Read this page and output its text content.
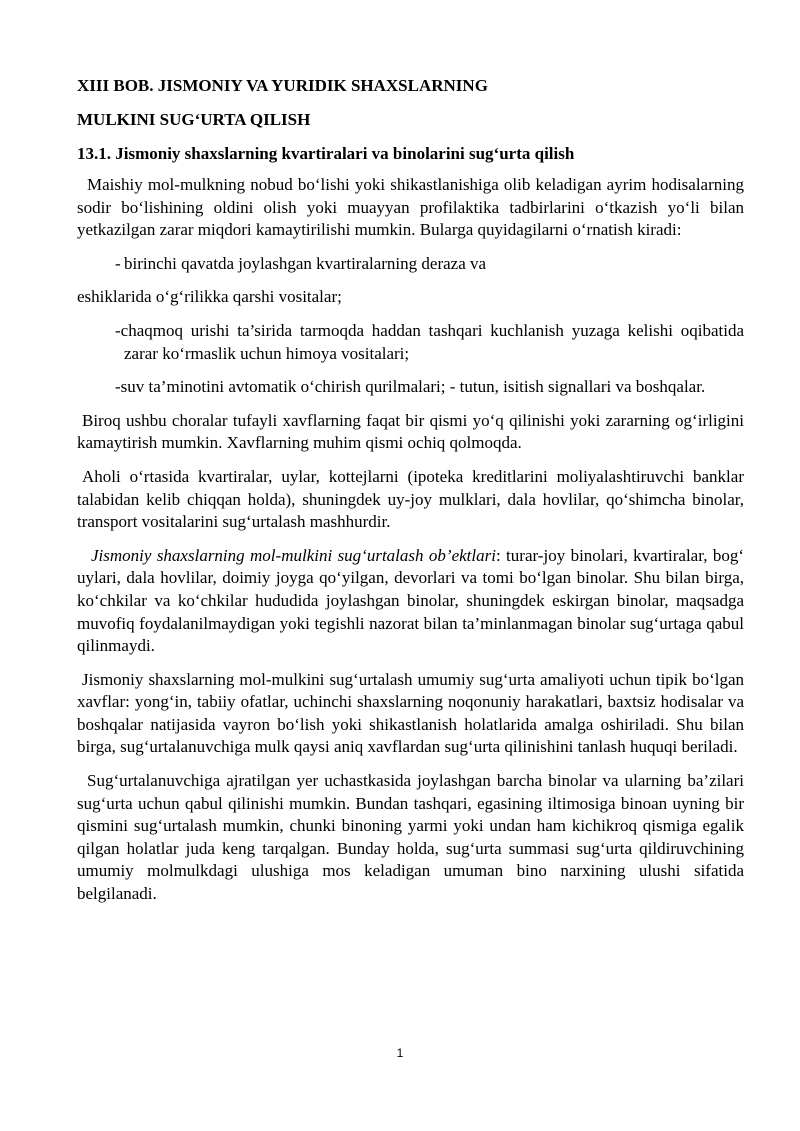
XIII BOB. JISMONIY VA YURIDIK SHAXSLARNING
MULKINI SUG‘URTA QILISH
13.1. Jismoniy shaxslarning kvartiralari va binolarini sug‘urta qilish

Maishiy mol-mulkning nobud bo‘lishi yoki shikastlanishiga olib keladigan ayrim hodisalarning sodir bo‘lishining oldini olish yoki muayyan profilaktika tadbirlarini o‘tkazish yo‘li bilan yetkazilgan zarar miqdori kamaytirilishi mumkin. Bularga quyidagilarni o‘rnatish kiradi:

- birinchi qavatda joylashgan kvartiralarning deraza va

eshiklarida o‘g‘rilikka qarshi vositalar;

-chaqmoq urishi ta’sirida tarmoqda haddan tashqari kuchlanish yuzaga kelishi oqibatida zarar ko‘rmaslik uchun himoya vositalari;

-suv ta’minotini avtomatik o‘chirish qurilmalari; - tutun, isitish signallari va boshqalar.

Biroq ushbu choralar tufayli xavflarning faqat bir qismi yo‘q qilinishi yoki zararning og‘irligini kamaytirish mumkin. Xavflarning muhim qismi ochiq qolmoqda.

Aholi o‘rtasida kvartiralar, uylar, kottejlarni (ipoteka kreditlarini moliyalashtiruvchi banklar talabidan kelib chiqqan holda), shuningdek uy-joy mulklari, dala hovlilar, qo‘shimcha binolar, transport vositalarini sug‘urtalash mashhurdir.

Jismoniy shaxslarning mol-mulkini sug‘urtalash ob’ektlari: turar-joy binolari, kvartiralar, bog‘ uylari, dala hovlilar, doimiy joyga qo‘yilgan, devorlari va tomi bo‘lgan binolar. Shu bilan birga, ko‘chkilar va ko‘chkilar hududida joylashgan binolar, shuningdek eskirgan binolar, maqsadga muvofiq foydalanilmaydigan yoki tegishli nazorat bilan ta’minlanmagan binolar sug‘urtaga qabul qilinmaydi.

Jismoniy shaxslarning mol-mulkini sug‘urtalash umumiy sug‘urta amaliyoti uchun tipik bo‘lgan xavflar: yong‘in, tabiiy ofatlar, uchinchi shaxslarning noqonuniy harakatlari, baxtsiz hodisalar va boshqalar natijasida vayron bo‘lish yoki shikastlanish holatlarida amalga oshiriladi. Shu bilan birga, sug‘urtalanuvchiga mulk qaysi aniq xavflardan sug‘urta qilinishini tanlash huquqi beriladi.

Sug‘urtalanuvchiga ajratilgan yer uchastkasida joylashgan barcha binolar va ularning ba’zilari sug‘urta uchun qabul qilinishi mumkin. Bundan tashqari, egasining iltimosiga binoan uyning bir qismini sug‘urtalash mumkin, chunki binoning yarmi yoki undan ham kichikroq qismiga egalik qilgan holatlar juda keng tarqalgan. Bunday holda, sug‘urta summasi sug‘urta qildiruvchining umumiy molmulkdagi ulushiga mos keladigan umuman bino narxining ulushi sifatida belgilanadi.

1
